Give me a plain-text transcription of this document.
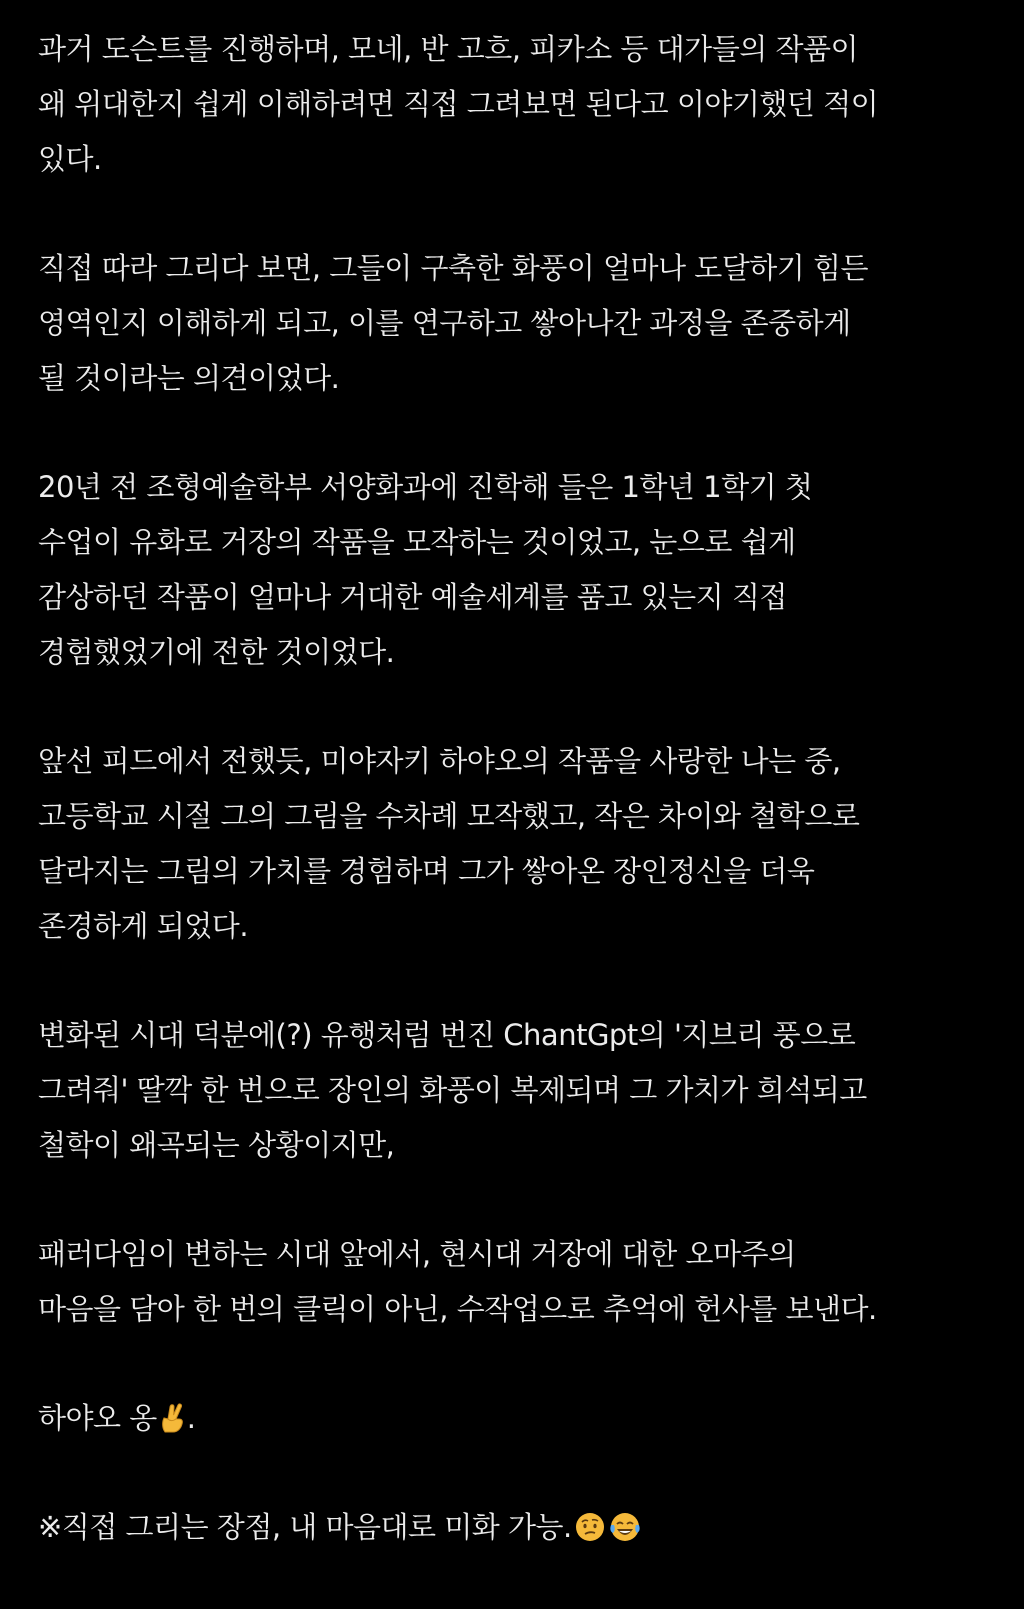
과거 도슨트를 진행하며, 모네, 반 고흐, 피카소 등 대가들의 작품이
왜 위대한지 쉽게 이해하려면 직접 그려보면 된다고 이야기했던 적이
있다.
직접 따라 그리다 보면, 그들이 구축한 화풍이 얼마나 도달하기 힘든
영역인지 이해하게 되고, 이를 연구하고 쌓아나간 과정을 존중하게
될 것이라는 의견이었다.
20년 전 조형예술학부 서양화과에 진학해 들은 1학년 1학기 첫
수업이 유화로 거장의 작품을 모작하는 것이었고, 눈으로 쉽게
감상하던 작품이 얼마나 거대한 예술세계를 품고 있는지 직접
경험했었기에 전한 것이었다.
앞선 피드에서 전했듯, 미야자키 하야오의 작품을 사랑한 나는 중,
고등학교 시절 그의 그림을 수차례 모작했고, 작은 차이와 철학으로
달라지는 그림의 가치를 경험하며 그가 쌓아온 장인정신을 더욱
존경하게 되었다.
변화된 시대 덕분에(?) 유행처럼 번진 ChantGpt의 '지브리 풍으로
그려줘' 딸깍 한 번으로 장인의 화풍이 복제되며 그 가치가 희석되고
철학이 왜곡되는 상황이지만,
패러다임이 변하는 시대 앞에서, 현시대 거장에 대한 오마주의
마음을 담아 한 번의 클릭이 아닌, 수작업으로 추억에 헌사를 보낸다.
하야오 옹 .
※직접 그리는 장점, 내 마음대로 미화 가능.
